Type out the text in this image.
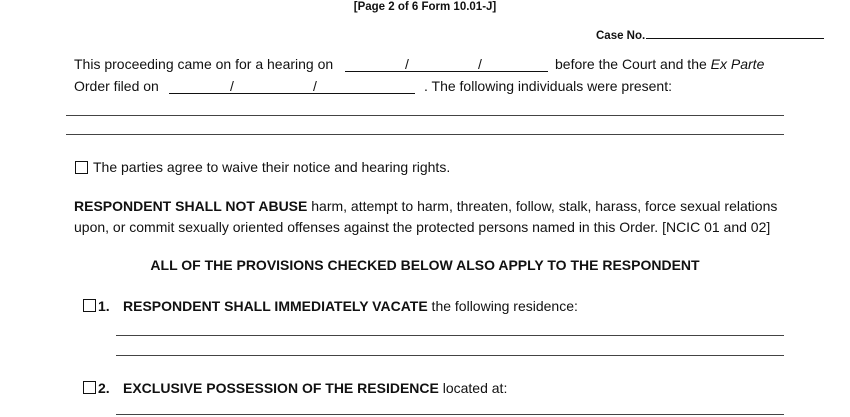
[Page 2 of 6 Form 10.01-J]
Case No.
This proceeding came on for a hearing on	/	/	before the Court and the Ex Parte
Order filed on	/	/	. The following individuals were present:
The parties agree to waive their notice and hearing rights.
RESPONDENT SHALL NOT ABUSE harm, attempt to harm, threaten, follow, stalk, harass, force sexual relations
upon, or commit sexually oriented offenses against the protected persons named in this Order. [NCIC 01 and 02]
ALL OF THE PROVISIONS CHECKED BELOW ALSO APPLY TO THE RESPONDENT
1. RESPONDENT SHALL IMMEDIATELY VACATE the following residence:
2. EXCLUSIVE POSSESSION OF THE RESIDENCE located at:
